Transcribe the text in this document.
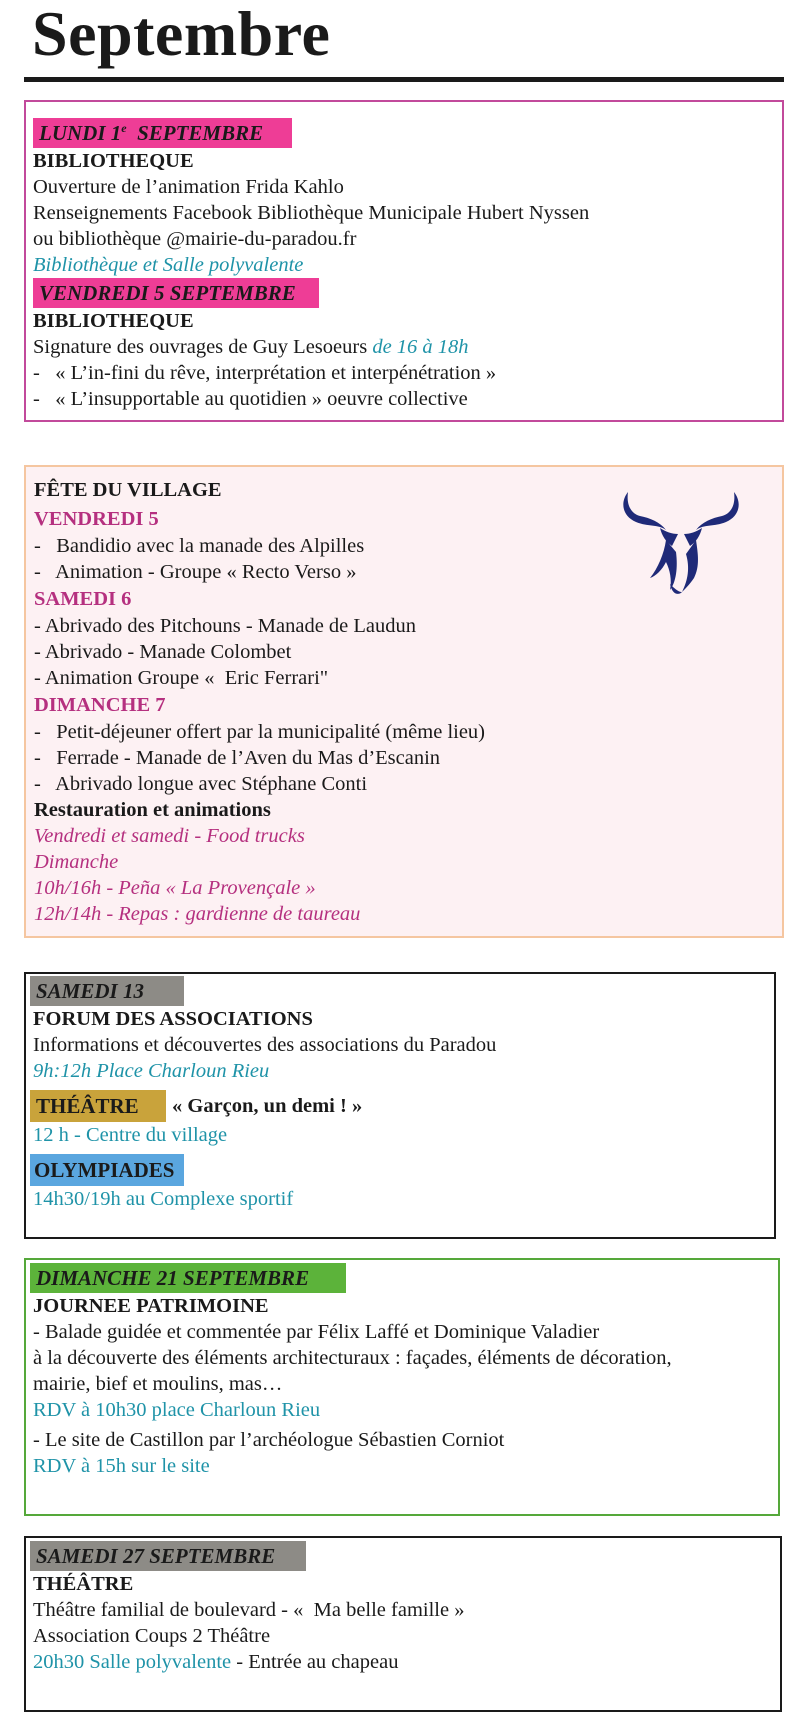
Septembre
LUNDI 1e  SEPTEMBRE
BIBLIOTHEQUE
Ouverture de l’animation Frida Kahlo
Renseignements Facebook Bibliothèque Municipale Hubert Nyssen
ou bibliothèque @mairie-du-paradou.fr
Bibliothèque et Salle polyvalente
VENDREDI 5 SEPTEMBRE
BIBLIOTHEQUE
Signature des ouvrages de Guy Lesoeurs de 16 à 18h
-   « L’in-fini du rêve, interprétation et interpénétration »
-   « L’insupportable au quotidien » oeuvre collective
FÊTE DU VILLAGE
VENDREDI 5
-   Bandidio avec la manade des Alpilles
-   Animation - Groupe « Recto Verso »
SAMEDI 6
- Abrivado des Pitchouns - Manade de Laudun
- Abrivado - Manade Colombet
- Animation Groupe «  Eric Ferrari"
DIMANCHE 7
-   Petit-déjeuner offert par la municipalité (même lieu)
-   Ferrade - Manade de l’Aven du Mas d’Escanin
-   Abrivado longue avec Stéphane Conti
Restauration et animations
Vendredi et samedi - Food trucks
Dimanche
10h/16h - Peña « La Provençale »
12h/14h - Repas : gardienne de taureau
SAMEDI 13
FORUM DES ASSOCIATIONS
Informations et découvertes des associations du Paradou
9h:12h Place Charloun Rieu
THÉÂTRE	« Garçon, un demi ! »
12 h - Centre du village
OLYMPIADES
14h30/19h au Complexe sportif
DIMANCHE 21 SEPTEMBRE
JOURNEE PATRIMOINE
- Balade guidée et commentée par Félix Laffé et Dominique Valadier
à la découverte des éléments architecturaux : façades, éléments de décoration,
mairie, bief et moulins, mas…
RDV à 10h30 place Charloun Rieu
- Le site de Castillon par l’archéologue Sébastien Corniot
RDV à 15h sur le site
SAMEDI 27 SEPTEMBRE
THÉÂTRE
Théâtre familial de boulevard - «  Ma belle famille »
Association Coups 2 Théâtre
20h30 Salle polyvalente - Entrée au chapeau
